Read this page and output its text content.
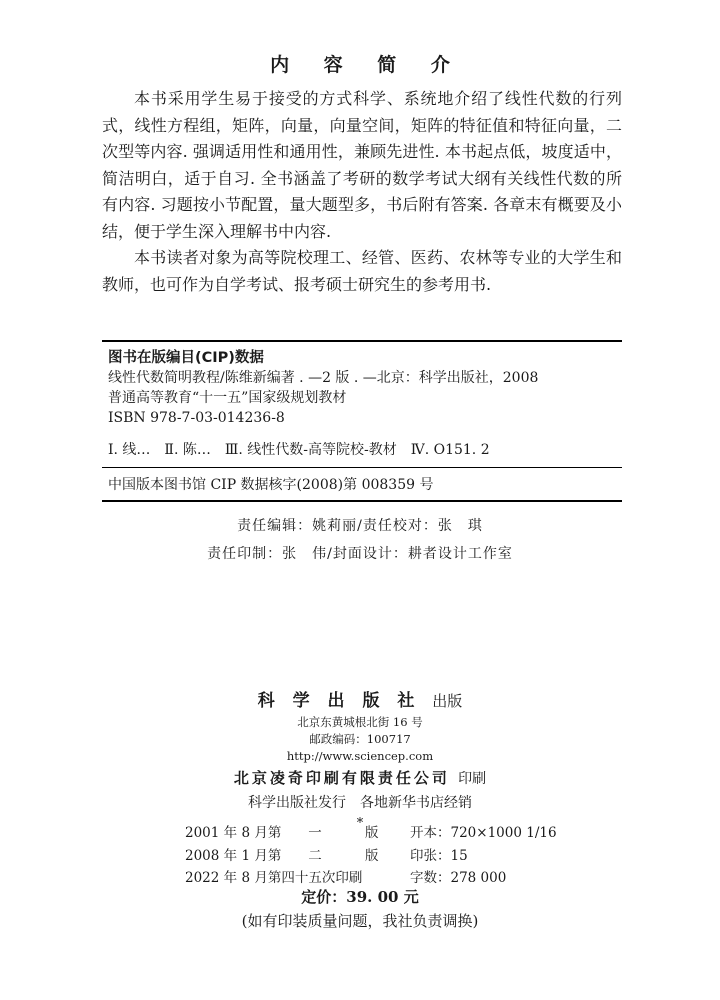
内 容 简 介

本书采用学生易于接受的方式科学、系统地介绍了线性代数的行列式，线性方程组，矩阵，向量，向量空间，矩阵的特征值和特征向量，二次型等内容. 强调适用性和通用性，兼顾先进性. 本书起点低，坡度适中，简洁明白，适于自习. 全书涵盖了考研的数学考试大纲有关线性代数的所有内容. 习题按小节配置，量大题型多，书后附有答案. 各章末有概要及小结，便于学生深入理解书中内容.

本书读者对象为高等院校理工、经管、医药、农林等专业的大学生和教师，也可作为自学考试、报考硕士研究生的参考用书.

图书在版编目(CIP)数据
线性代数简明教程/陈维新编著 . —2 版 . —北京：科学出版社，2008
普通高等教育“十一五”国家级规划教材
ISBN 978-7-03-014236-8
Ⅰ. 线…　Ⅱ. 陈…　Ⅲ. 线性代数-高等院校-教材　Ⅳ. O151. 2
中国版本图书馆 CIP 数据核字(2008)第 008359 号
责任编辑：姚莉丽/责任校对：张　琪
责任印制：张　伟/封面设计：耕者设计工作室
科 学 出 版 社 出版
北京东黄城根北街 16 号
邮政编码：100717
http://www.sciencep.com
北京凌奇印刷有限责任公司 印刷
科学出版社发行　各地新华书店经销
*
2001 年 8 月第 一	版 开本：720×1000 1/16
2008 年 1 月第 二	版 印张：15
2022 年 8 月第四十五次印刷	字数：278 000
定价：39. 00 元
(如有印装质量问题，我社负责调换)
